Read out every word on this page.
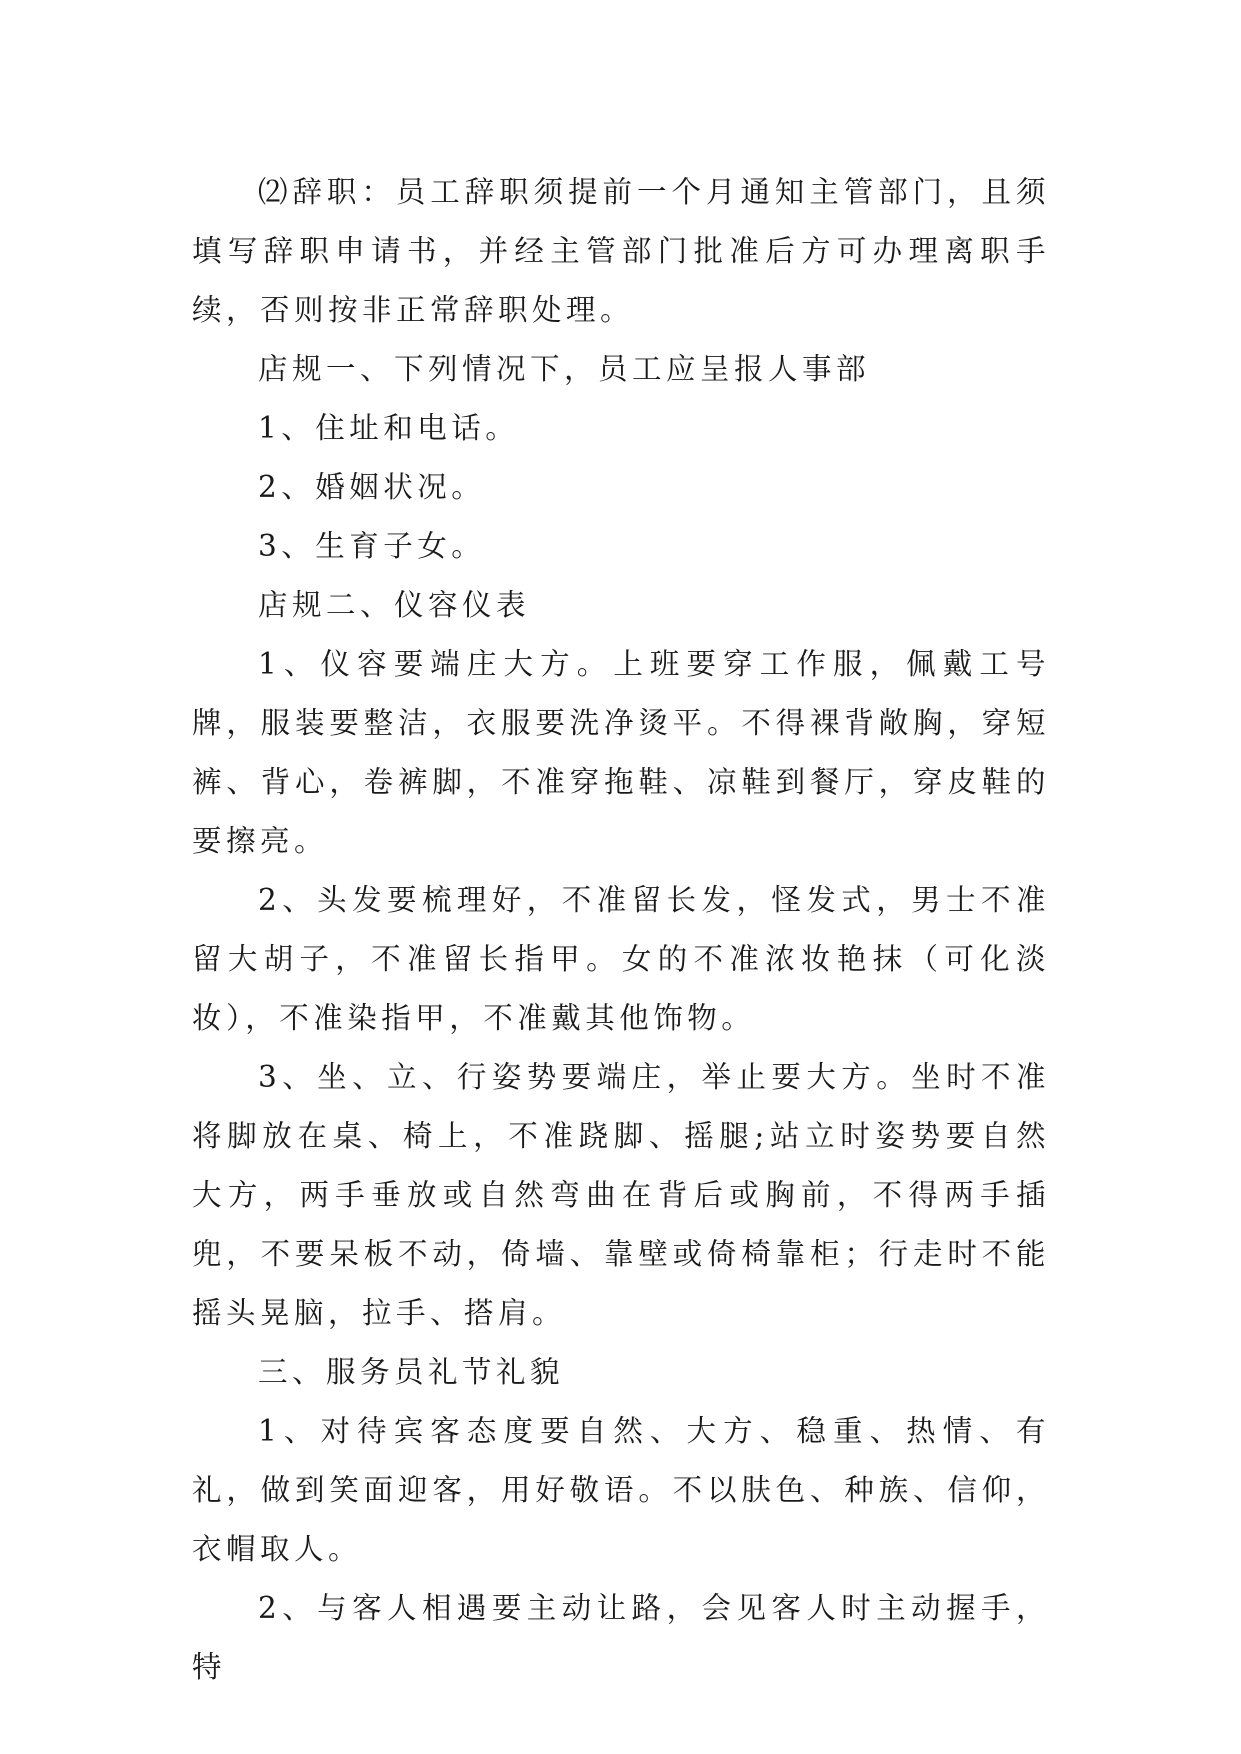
⑵辞职：员工辞职须提前一个月通知主管部门，且须填写辞职申请书，并经主管部门批准后方可办理离职手续，否则按非正常辞职处理。

店规一、下列情况下，员工应呈报人事部

1、住址和电话。

2、婚姻状况。

3、生育子女。

店规二、仪容仪表

1、仪容要端庄大方。上班要穿工作服，佩戴工号牌，服装要整洁，衣服要洗净烫平。不得裸背敞胸，穿短裤、背心，卷裤脚，不准穿拖鞋、凉鞋到餐厅，穿皮鞋的要擦亮。

2、头发要梳理好，不准留长发，怪发式，男士不准留大胡子，不准留长指甲。女的不准浓妆艳抹（可化淡妆），不准染指甲，不准戴其他饰物。

3、坐、立、行姿势要端庄，举止要大方。坐时不准将脚放在桌、椅上，不准跷脚、摇腿;站立时姿势要自然大方，两手垂放或自然弯曲在背后或胸前，不得两手插兜，不要呆板不动，倚墙、靠壁或倚椅靠柜；行走时不能摇头晃脑，拉手、搭肩。

三、服务员礼节礼貌

1、对待宾客态度要自然、大方、稳重、热情、有礼，做到笑面迎客，用好敬语。不以肤色、种族、信仰，衣帽取人。

2、与客人相遇要主动让路，会见客人时主动握手，特
